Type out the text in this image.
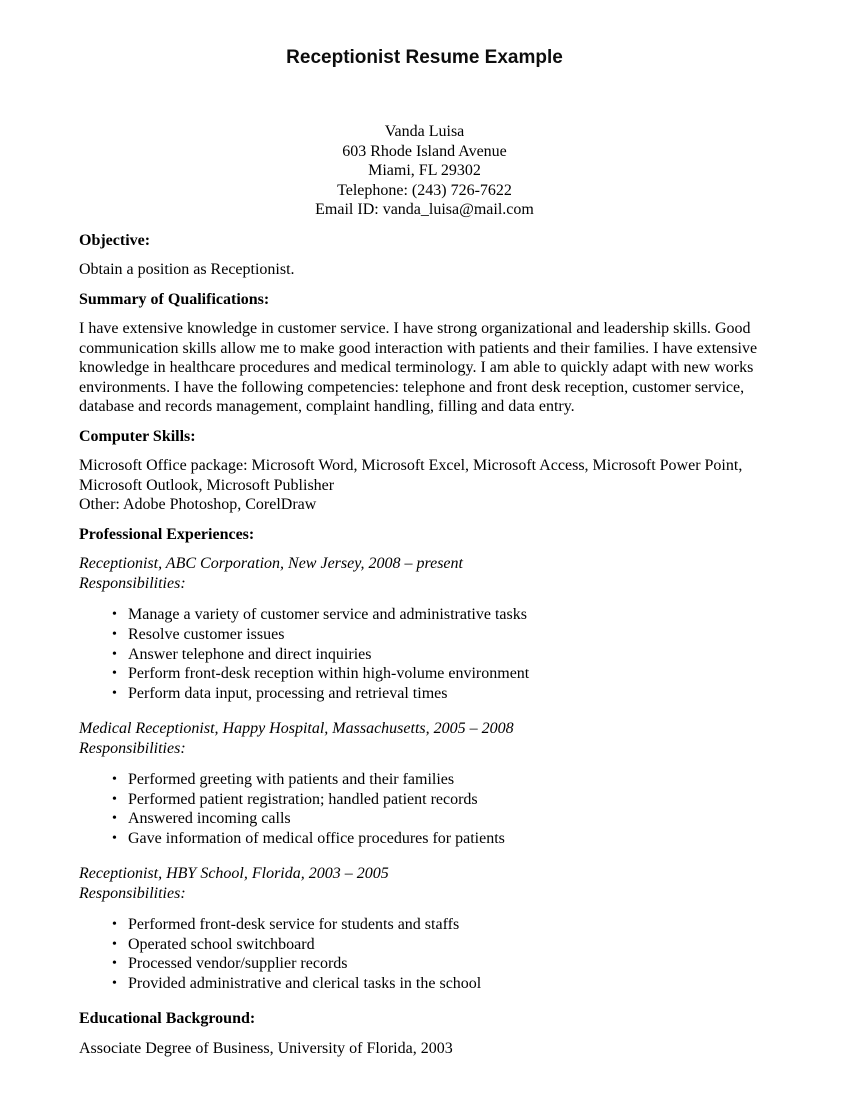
Receptionist Resume Example
Vanda Luisa
603 Rhode Island Avenue
Miami, FL 29302
Telephone: (243) 726-7622
Email ID: vanda_luisa@mail.com
Objective:

Obtain a position as Receptionist.

Summary of Qualifications:

I have extensive knowledge in customer service. I have strong organizational and leadership skills. Good communication skills allow me to make good interaction with patients and their families. I have extensive knowledge in healthcare procedures and medical terminology. I am able to quickly adapt with new works environments. I have the following competencies: telephone and front desk reception, customer service, database and records management, complaint handling, filling and data entry.

Computer Skills:

Microsoft Office package: Microsoft Word, Microsoft Excel, Microsoft Access, Microsoft Power Point, Microsoft Outlook, Microsoft Publisher

Other: Adobe Photoshop, CorelDraw

Professional Experiences:
Receptionist, ABC Corporation, New Jersey, 2008 – present
Responsibilities:
• Manage a variety of customer service and administrative tasks
• Resolve customer issues
• Answer telephone and direct inquiries
• Perform front-desk reception within high-volume environment
• Perform data input, processing and retrieval times
Medical Receptionist, Happy Hospital, Massachusetts, 2005 – 2008
Responsibilities:
• Performed greeting with patients and their families
• Performed patient registration; handled patient records
• Answered incoming calls
• Gave information of medical office procedures for patients
Receptionist, HBY School, Florida, 2003 – 2005
Responsibilities:
• Performed front-desk service for students and staffs
• Operated school switchboard
• Processed vendor/supplier records
• Provided administrative and clerical tasks in the school
Educational Background:

Associate Degree of Business, University of Florida, 2003
